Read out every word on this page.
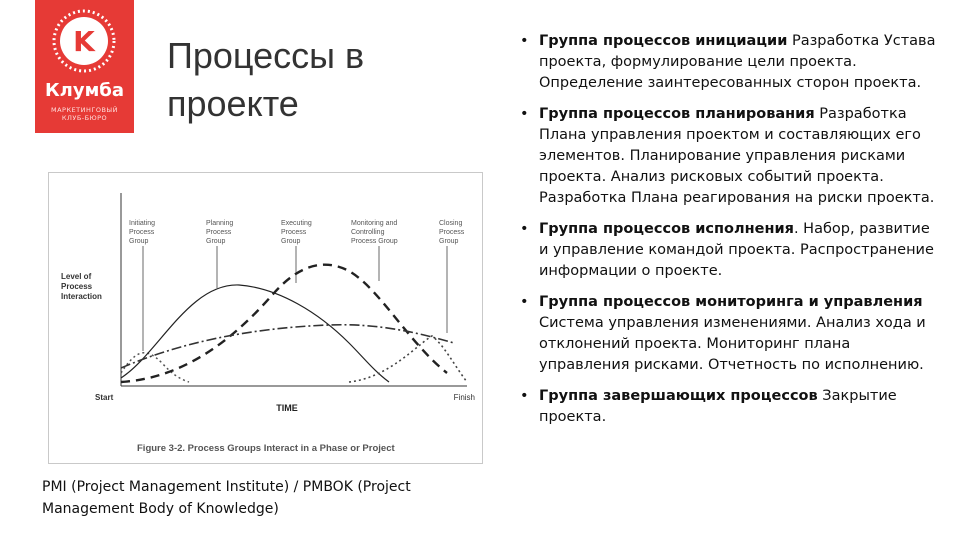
K
Клумба
МАРКЕТИНГОВЫЙ
КЛУБ-БЮРО
Процессы в
проекте
Initiating
Process
Group
Planning
Process
Group
Executing
Process
Group
Monitoring and
Controlling
Process Group
Closing
Process
Group
Level of
Process
Interaction
Start	Finish
TIME
Figure 3-2. Process Groups Interact in a Phase or Project
PMI (Project Management Institute) / PMBOK (Project Management Body of Knowledge)
• Группа процессов инициации Разработка Устава проекта, формулирование цели проекта. Определение заинтересованных сторон проекта.
• Группа процессов планирования Разработка Плана управления проектом и составляющих его элементов. Планирование управления рисками проекта. Анализ рисковых событий проекта. Разработка Плана реагирования на риски проекта.
• Группа процессов исполнения. Набор, развитие и управление командой проекта. Распространение информации о проекте.
• Группа процессов мониторинга и управления Система управления изменениями. Анализ хода и отклонений проекта. Мониторинг плана управления рисками. Отчетность по исполнению.
• Группа завершающих процессов Закрытие проекта.
